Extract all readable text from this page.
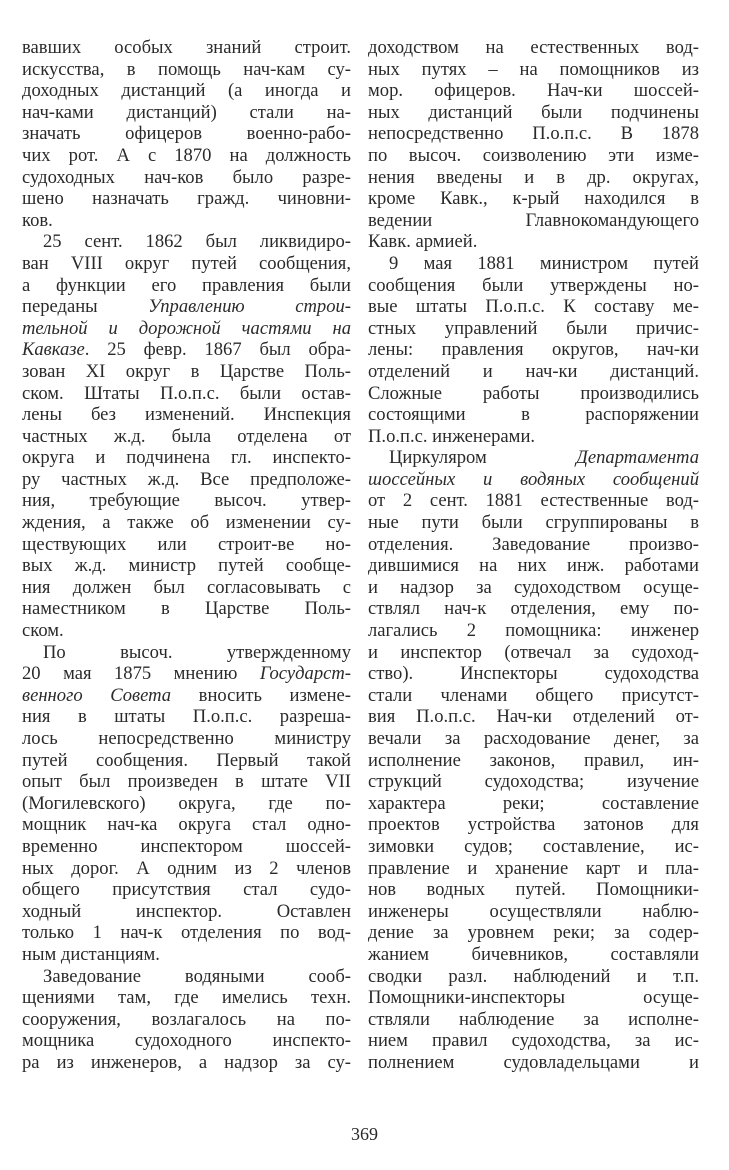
вавших особых знаний строит.
искусства, в помощь нач-кам су-
доходных дистанций (а иногда и
нач-ками дистанций) стали на-
значать офицеров военно-рабо-
чих рот. А с 1870 на должность
судоходных нач-ков было разре-
шено назначать гражд. чиновни-
ков.
25 сент. 1862 был ликвидиро-
ван VIII округ путей сообщения,
а функции его правления были
переданы Управлению строи-
тельной и дорожной частями на
Кавказе. 25 февр. 1867 был обра-
зован XI округ в Царстве Поль-
ском. Штаты П.о.п.с. были остав-
лены без изменений. Инспекция
частных ж.д. была отделена от
округа и подчинена гл. инспекто-
ру частных ж.д. Все предположе-
ния, требующие высоч. утвер-
ждения, а также об изменении су-
ществующих или строит-ве но-
вых ж.д. министр путей сообще-
ния должен был согласовывать с
наместником в Царстве Поль-
ском.
По высоч. утвержденному
20 мая 1875 мнению Государст-
венного Совета вносить измене-
ния в штаты П.о.п.с. разреша-
лось непосредственно министру
путей сообщения. Первый такой
опыт был произведен в штате VII
(Могилевского) округа, где по-
мощник нач-ка округа стал одно-
временно инспектором шоссей-
ных дорог. А одним из 2 членов
общего присутствия стал судо-
ходный инспектор. Оставлен
только 1 нач-к отделения по вод-
ным дистанциям.
Заведование водяными сооб-
щениями там, где имелись техн.
сооружения, возлагалось на по-
мощника судоходного инспекто-
ра из инженеров, а надзор за су-
доходством на естественных вод-
ных путях – на помощников из
мор. офицеров. Нач-ки шоссей-
ных дистанций были подчинены
непосредственно П.о.п.с. В 1878
по высоч. соизволению эти изме-
нения введены и в др. округах,
кроме Кавк., к-рый находился в
ведении Главнокомандующего
Кавк. армией.
9 мая 1881 министром путей
сообщения были утверждены но-
вые штаты П.о.п.с. К составу ме-
стных управлений были причис-
лены: правления округов, нач-ки
отделений и нач-ки дистанций.
Сложные работы производились
состоящими в распоряжении
П.о.п.с. инженерами.
Циркуляром Департамента
шоссейных и водяных сообщений
от 2 сент. 1881 естественные вод-
ные пути были сгруппированы в
отделения. Заведование произво-
дившимися на них инж. работами
и надзор за судоходством осуще-
ствлял нач-к отделения, ему по-
лагались 2 помощника: инженер
и инспектор (отвечал за судоход-
ство). Инспекторы судоходства
стали членами общего присутст-
вия П.о.п.с. Нач-ки отделений от-
вечали за расходование денег, за
исполнение законов, правил, ин-
струкций судоходства; изучение
характера реки; составление
проектов устройства затонов для
зимовки судов; составление, ис-
правление и хранение карт и пла-
нов водных путей. Помощники-
инженеры осуществляли наблю-
дение за уровнем реки; за содер-
жанием бичевников, составляли
сводки разл. наблюдений и т.п.
Помощники-инспекторы осуще-
ствляли наблюдение за исполне-
нием правил судоходства, за ис-
полнением судовладельцами и
369
